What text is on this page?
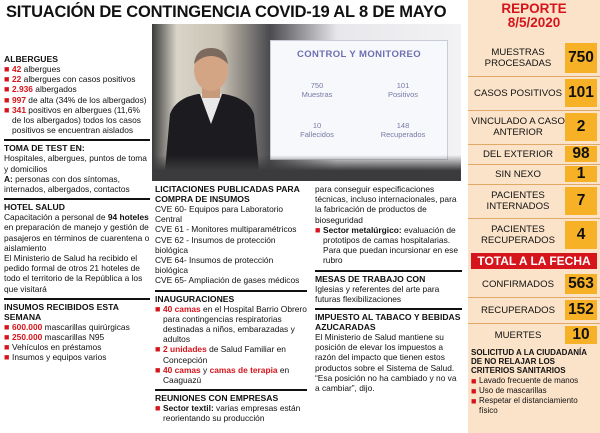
SITUACIÓN DE CONTINGENCIA COVID-19 AL 8 DE MAYO
ALBERGUES
■ 42 albergues
■ 22 albergues con casos positivos
■ 2.936 albergados
■ 997 de alta (34% de los albergados)
■ 341 positivos en albergues (11,6% de los albergados) todos los casos positivos se encuentran aislados
TOMA DE TEST EN:
Hospitales, albergues, puntos de toma y domicilios
A: personas con dos síntomas, internados, albergados, contactos
HOTEL SALUD
Capacitación a personal de 94 hoteles en preparación de manejo y gestión de pasajeros en términos de cuarentena o aislamiento
El Ministerio de Salud ha recibido el pedido formal de otros 21 hoteles de todo el territorio de la República a los que visitará
INSUMOS RECIBIDOS ESTA SEMANA
■ 600.000 mascarillas quirúrgicas
■ 250.000 mascarillas N95
■ Vehículos en préstamos
■ Insumos y equipos varios
CONTROL Y MONITOREO
750
Muestras
101
Positivos
10
Fallecidos
148
Recuperados
LICITACIONES PUBLICADAS PARA COMPRA DE INSUMOS
CVE 60- Equipos para Laboratorio Central
CVE 61 - Monitores multiparamétricos
CVE 62 - Insumos de protección biológica
CVE 64- Insumos de protección biológica
CVE 65- Ampliación de gases médicos
INAUGURACIONES
■ 40 camas en el Hospital Barrio Obrero para contingencias respiratorias destinadas a niños, embarazadas y adultos
■ 2 unidades de Salud Familiar en Concepción
■ 40 camas y camas de terapia en Caaguazú
REUNIONES CON EMPRESAS
■ Sector textil: varias empresas están reorientando su producción
para conseguir especificaciones técnicas, incluso internacionales, para la fabricación de productos de bioseguridad
■ Sector metalúrgico: evaluación de prototipos de camas hospitalarias. Para que puedan incursionar en ese rubro
MESAS DE TRABAJO CON
Iglesias y referentes del arte para futuras flexibilizaciones
IMPUESTO AL TABACO Y BEBIDAS AZUCARADAS
El Ministerio de Salud mantiene su posición de elevar los impuestos a razón del impacto que tienen estos productos sobre el Sistema de Salud. “Esa posición no ha cambiado y no va a cambiar”, dijo.
REPORTE
8/5/2020
MUESTRAS PROCESADAS	750
CASOS POSITIVOS 101
VINCULADO A CASO ANTERIOR	2
DEL EXTERIOR	98
SIN NEXO	1
PACIENTES INTERNADOS	7
PACIENTES RECUPERADOS	4
TOTAL A LA FECHA
CONFIRMADOS 563
RECUPERADOS 152
MUERTES	10
SOLICITUD A LA CIUDADANÍA DE NO RELAJAR LOS CRITERIOS SANITARIOS
■ Lavado frecuente de manos
■ Uso de mascarillas
■ Respetar el distanciamiento físico
